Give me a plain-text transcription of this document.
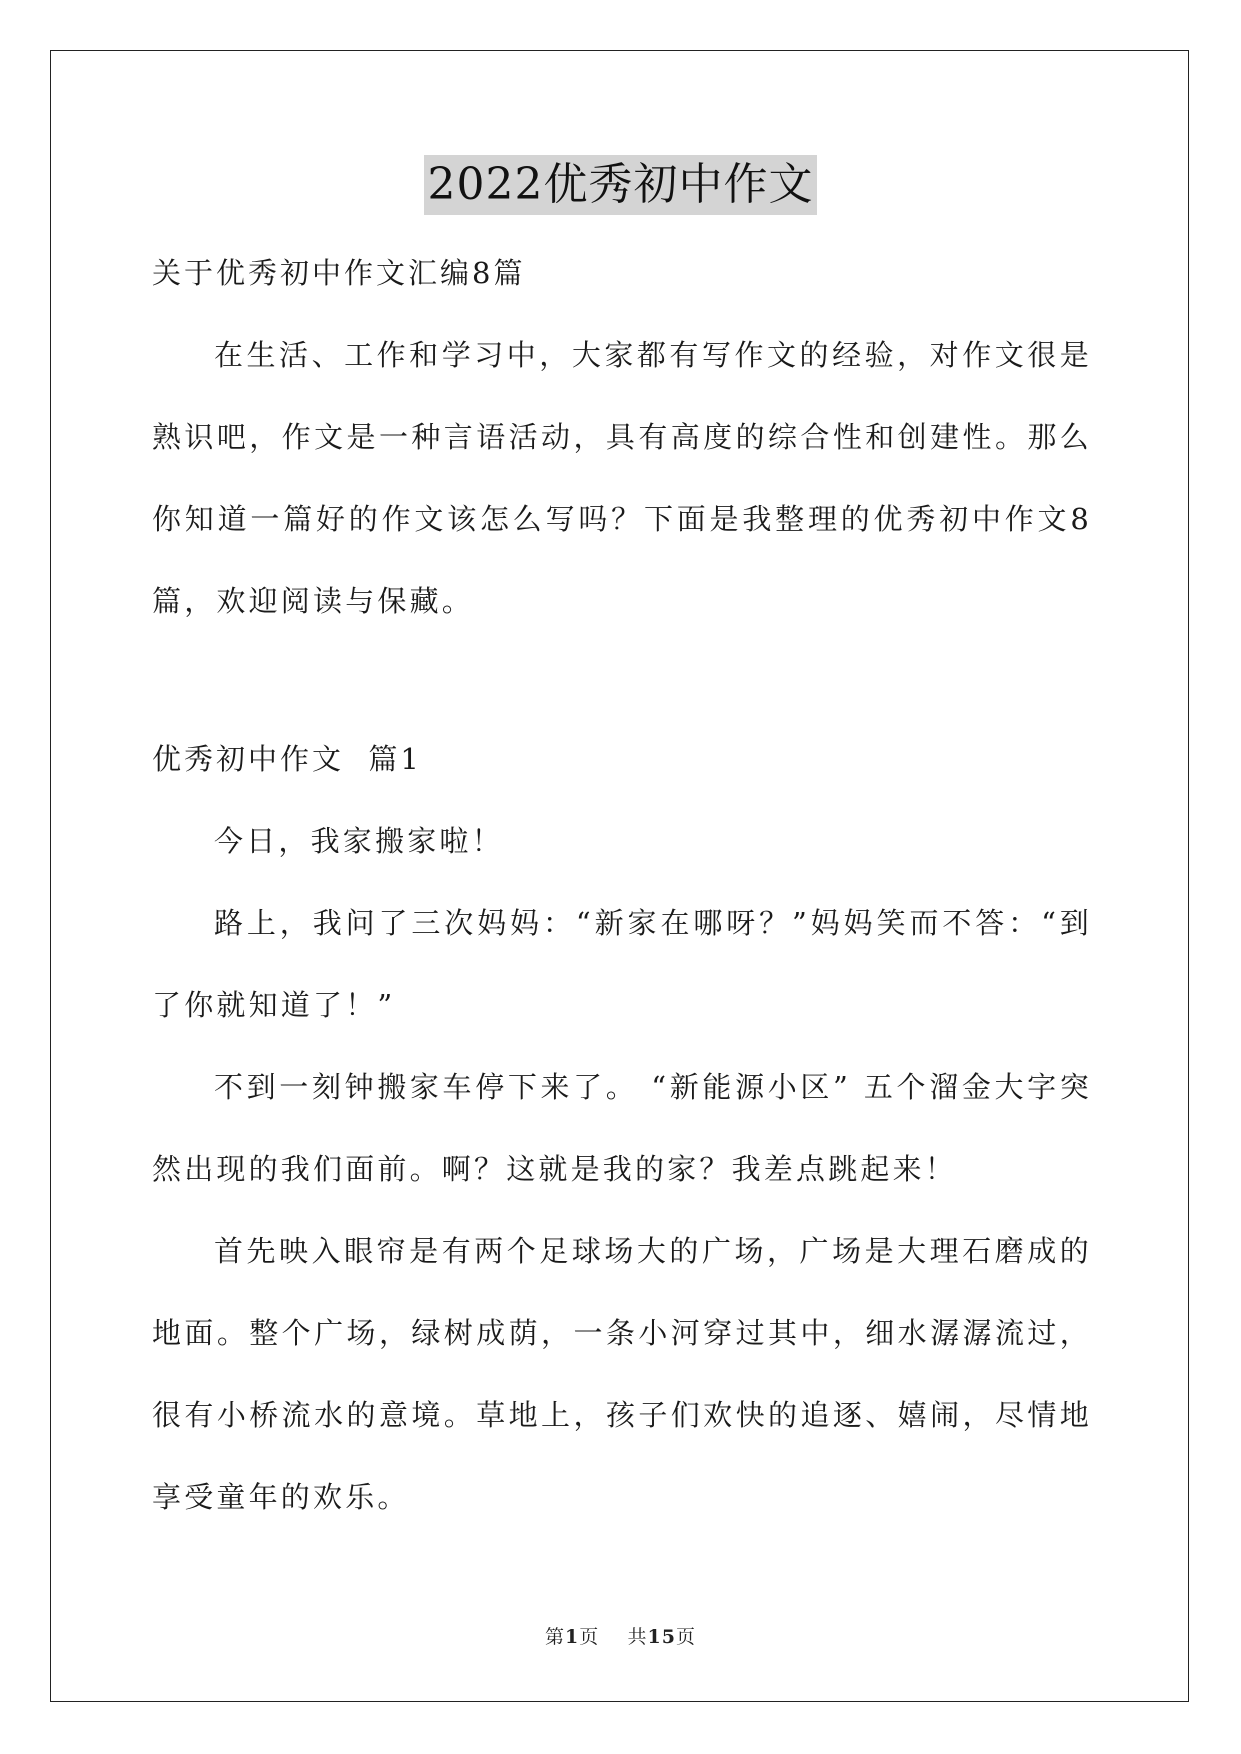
2022优秀初中作文

关于优秀初中作文汇编8篇

在生活、工作和学习中，大家都有写作文的经验，对作文很是熟识吧，作文是一种言语活动，具有高度的综合性和创建性。那么你知道一篇好的作文该怎么写吗？下面是我整理的优秀初中作文8篇，欢迎阅读与保藏。

优秀初中作文  篇1

今日，我家搬家啦！

路上，我问了三次妈妈：“新家在哪呀？”妈妈笑而不答：“到了你就知道了！”

不到一刻钟搬家车停下来了。 “新能源小区” 五个溜金大字突然出现的我们面前。啊？这就是我的家？我差点跳起来！

首先映入眼帘是有两个足球场大的广场，广场是大理石磨成的地面。整个广场，绿树成荫，一条小河穿过其中，细水潺潺流过，很有小桥流水的意境。草地上，孩子们欢快的追逐、嬉闹，尽情地享受童年的欢乐。

第1页 共15页
